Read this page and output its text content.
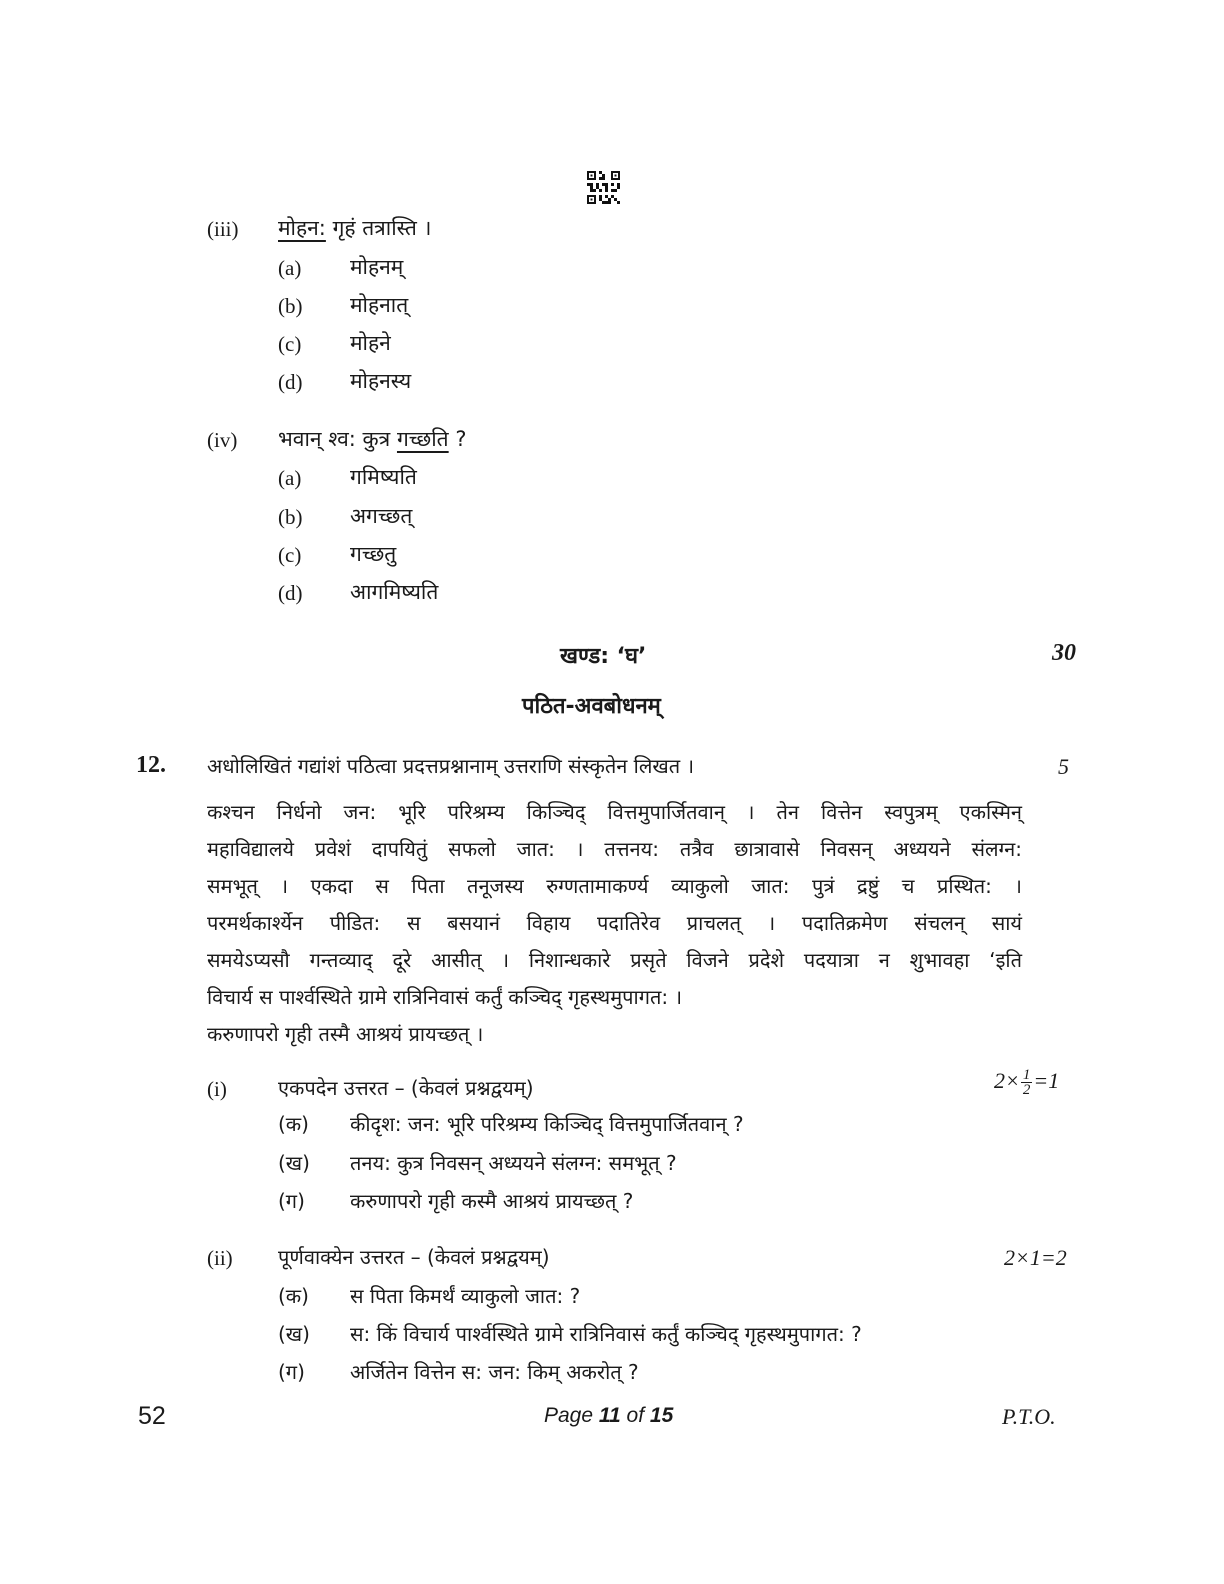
(iii) मोहन: गृहं तत्रास्ति ।
(a) मोहनम्
(b) मोहनात्
(c) मोहने
(d) मोहनस्य
(iv) भवान् श्व: कुत्र गच्छति ?
(a) गमिष्यति
(b) अगच्छत्
(c) गच्छतु
(d) आगमिष्यति
खण्ड: ‘घ’	30
पठित-अवबोधनम्
12. अधोलिखितं गद्यांशं पठित्वा प्रदत्तप्रश्नानाम् उत्तराणि संस्कृतेन लिखत ।	5
कश्चन निर्धनो जन: भूरि परिश्रम्य किञ्चिद् वित्तमुपार्जितवान् । तेन वित्तेन स्वपुत्रम् एकस्मिन्
महाविद्यालये प्रवेशं दापयितुं सफलो जात: । तत्तनय: तत्रैव छात्रावासे निवसन् अध्ययने संलग्न:
समभूत् । एकदा स पिता तनूजस्य रुग्णतामाकर्ण्य व्याकुलो जात: पुत्रं द्रष्टुं च प्रस्थित: ।
परमर्थकार्श्येन पीडित: स बसयानं विहाय पदातिरेव प्राचलत् । पदातिक्रमेण संचलन् सायं
समयेऽप्यसौ गन्तव्याद् दूरे आसीत् । निशान्धकारे प्रसृते विजने प्रदेशे पदयात्रा न शुभावहा ‘इति
विचार्य स पार्श्वस्थिते ग्रामे रात्रिनिवासं कर्तुं कञ्चिद् गृहस्थमुपागत: ।
करुणापरो गृही तस्मै आश्रयं प्रायच्छत् ।
(i)	एकपदेन उत्तरत – (केवलं प्रश्नद्वयम्)	$2\times \frac{1}{2} =1$
(क) कीदृश: जन: भूरि परिश्रम्य किञ्चिद् वित्तमुपार्जितवान् ?
(ख) तनय: कुत्र निवसन् अध्ययने संलग्न: समभूत् ?
(ग) करुणापरो गृही कस्मै आश्रयं प्रायच्छत् ?
(ii) पूर्णवाक्येन उत्तरत – (केवलं प्रश्नद्वयम्)	2×1=2
(क) स पिता किमर्थं व्याकुलो जात: ?
(ख) स: किं विचार्य पार्श्वस्थिते ग्रामे रात्रिनिवासं कर्तुं कञ्चिद् गृहस्थमुपागत: ?
(ग) अर्जितेन वित्तेन स: जन: किम् अकरोत् ?
52	Page 11 of 15	P.T.O.
